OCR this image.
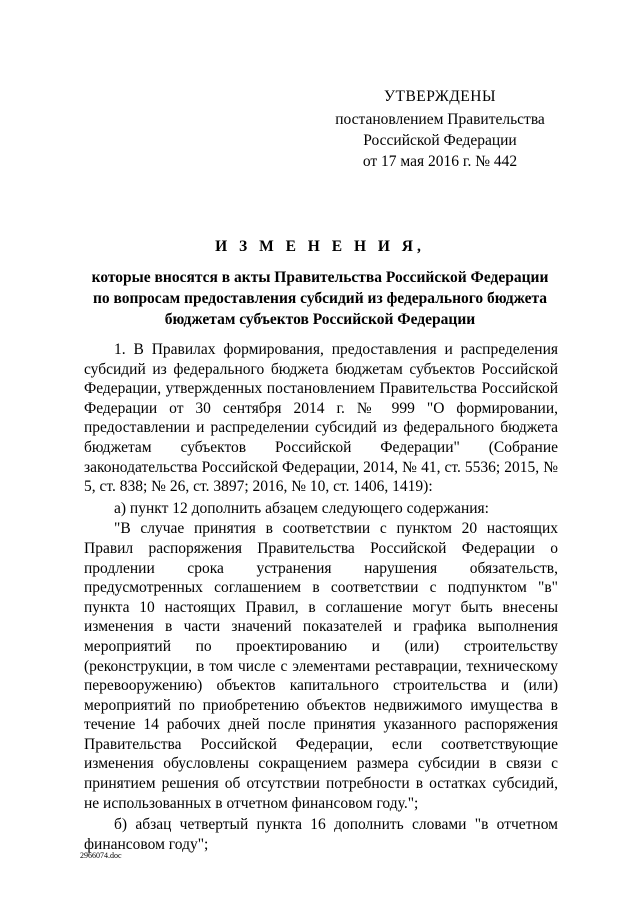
УТВЕРЖДЕНЫ
постановлением Правительства
Российской Федерации
от 17 мая 2016 г. № 442
И З М Е Н Е Н И Я,
которые вносятся в акты Правительства Российской Федерации
по вопросам предоставления субсидий из федерального бюджета
бюджетам субъектов Российской Федерации

1. В Правилах формирования, предоставления и распределения субсидий из федерального бюджета бюджетам субъектов Российской Федерации, утвержденных постановлением Правительства Российской Федерации от 30 сентября 2014 г. № 999 "О формировании, предоставлении и распределении субсидий из федерального бюджета бюджетам субъектов Российской Федерации" (Собрание законодательства Российской Федерации, 2014, № 41, ст. 5536; 2015, № 5, ст. 838; № 26, ст. 3897; 2016, № 10, ст. 1406, 1419):

а) пункт 12 дополнить абзацем следующего содержания:

"В случае принятия в соответствии с пунктом 20 настоящих Правил распоряжения Правительства Российской Федерации о продлении срока устранения нарушения обязательств, предусмотренных соглашением в соответствии с подпунктом "в" пункта 10 настоящих Правил, в соглашение могут быть внесены изменения в части значений показателей и графика выполнения мероприятий по проектированию и (или) строительству (реконструкции, в том числе с элементами реставрации, техническому перевооружению) объектов капитального строительства и (или) мероприятий по приобретению объектов недвижимого имущества в течение 14 рабочих дней после принятия указанного распоряжения Правительства Российской Федерации, если соответствующие изменения обусловлены сокращением размера субсидии в связи с принятием решения об отсутствии потребности в остатках субсидий, не использованных в отчетном финансовом году.";

б) абзац четвертый пункта 16 дополнить словами "в отчетном финансовом году";

2966074.doc
